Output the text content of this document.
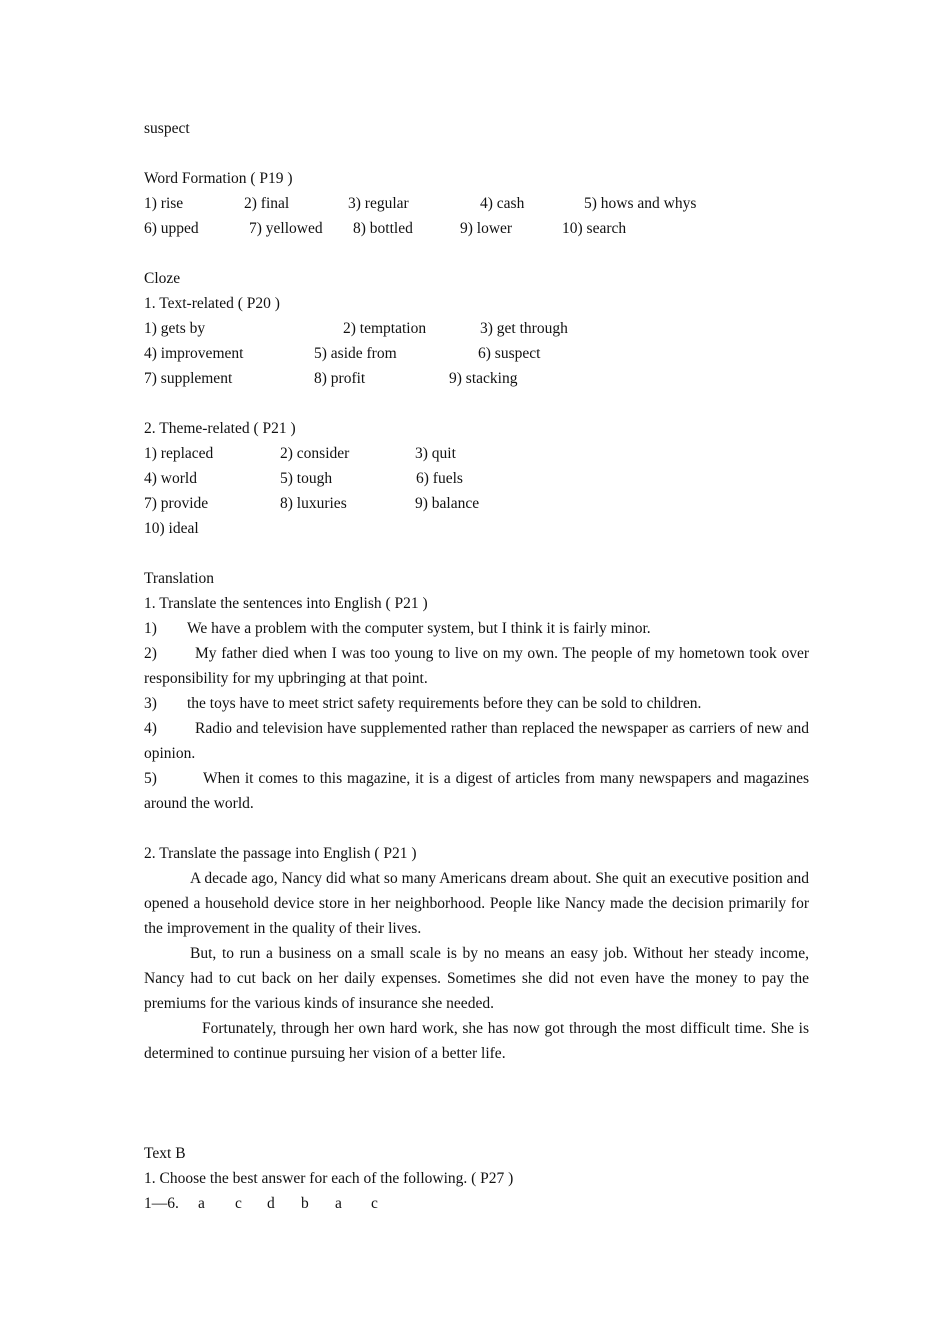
suspect
Word Formation ( P19 )
1) rise	2) final	3) regular	4) cash	5) hows and whys
6) upped	7) yellowed 8) bottled	9) lower	10) search
Cloze
1. Text-related ( P20 )
1) gets by	2) temptation	3) get through
4) improvement	5) aside from	6) suspect
7) supplement	8) profit	9) stacking
2. Theme-related ( P21 )
1) replaced	2) consider	3) quit
4) world	5) tough	6) fuels
7) provide	8) luxuries	9) balance
10) ideal
Translation
1. Translate the sentences into English ( P21 )
1) We have a problem with the computer system, but I think it is fairly minor.
2) My father died when I was too young to live on my own. The people of my hometown took over responsibility for my upbringing at that point.
3) the toys have to meet strict safety requirements before they can be sold to children.
4) Radio and television have supplemented rather than replaced the newspaper as carriers of new and opinion.
5)	When it comes to this magazine, it is a digest of articles from many newspapers and magazines around the world.
2. Translate the passage into English ( P21 )
A decade ago, Nancy did what so many Americans dream about. She quit an executive position and opened a household device store in her neighborhood. People like Nancy made the decision primarily for the improvement in the quality of their lives.
But, to run a business on a small scale is by no means an easy job. Without her steady income, Nancy had to cut back on her daily expenses. Sometimes she did not even have the money to pay the premiums for the various kinds of insurance she needed.
Fortunately, through her own hard work, she has now got through the most difficult time. She is determined to continue pursuing her vision of a better life.
Text B
1. Choose the best answer for each of the following. ( P27 )
1—6. a c d b a c
